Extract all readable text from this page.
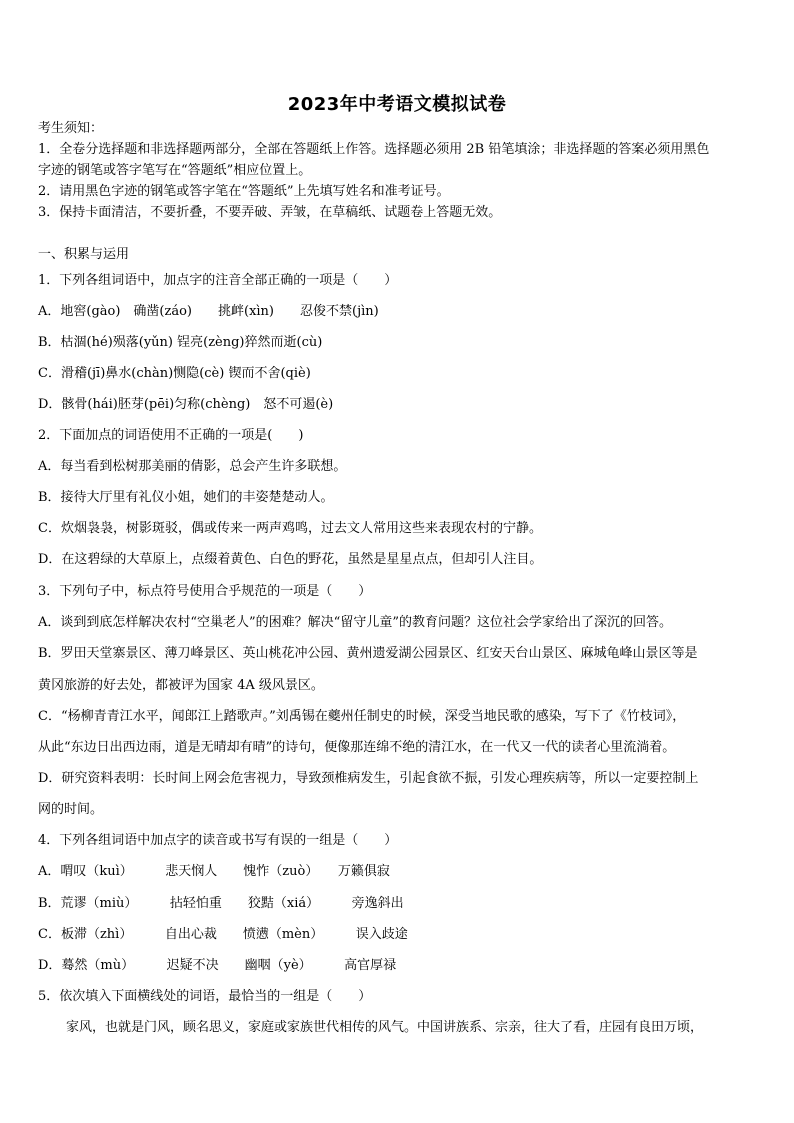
2023年中考语文模拟试卷
考生须知：
1．全卷分选择题和非选择题两部分，全部在答题纸上作答。选择题必须用 2B 铅笔填涂；非选择题的答案必须用黑色
字迹的钢笔或答字笔写在“答题纸”相应位置上。
2．请用黑色字迹的钢笔或答字笔在“答题纸”上先填写姓名和准考证号。
3．保持卡面清洁，不要折叠，不要弄破、弄皱，在草稿纸、试题卷上答题无效。
一、积累与运用
1．下列各组词语中，加点字的注音全部正确的一项是（　　）
A．地窖(gào)　确凿(záo)　　挑衅(xìn)　　忍俊不禁(jìn)
B．枯涸(hé)殒落(yǔn) 锃亮(zèng)猝然而逝(cù)
C．滑稽(jī)鼻水(chàn)恻隐(cè) 锲而不舍(qiè)
D．骸骨(hái)胚芽(pēi)匀称(chèng)　怒不可遏(è)
2．下面加点的词语使用不正确的一项是(　　)
A．每当看到松树那美丽的倩影，总会产生许多联想。
B．接待大厅里有礼仪小姐，她们的丰姿楚楚动人。
C．炊烟袅袅，树影斑驳，偶或传来一两声鸡鸣，过去文人常用这些来表现农村的宁静。
D．在这碧绿的大草原上，点缀着黄色、白色的野花，虽然是星星点点，但却引人注目。
3．下列句子中，标点符号使用合乎规范的一项是（　　）
A．谈到到底怎样解决农村“空巢老人”的困难？解决“留守儿童”的教育问题？这位社会学家给出了深沉的回答。
B．罗田天堂寨景区、薄刀峰景区、英山桃花冲公园、黄州遗爱湖公园景区、红安天台山景区、麻城龟峰山景区等是
黄冈旅游的好去处，都被评为国家 4A 级风景区。
C．“杨柳青青江水平，闻郎江上踏歌声。”刘禹锡在夔州任制史的时候，深受当地民歌的感染，写下了《竹枝词》，
从此“东边日出西边雨，道是无晴却有晴”的诗句，便像那连绵不绝的清江水，在一代又一代的读者心里流淌着。
D．研究资料表明：长时间上网会危害视力，导致颈椎病发生，引起食欲不振，引发心理疾病等，所以一定要控制上
网的时间。
4．下列各组词语中加点字的读音或书写有误的一组是（　　）
A．喟叹（kuì）　　　悲天悯人　　愧怍（zuò）　　万籁俱寂
B．荒谬（miù）　　　拈轻怕重　　狡黠（xiá）　　　旁逸斜出
C．板滞（zhì）　　　自出心裁　　愤懑（mèn）　　　误入歧途
D．蓦然（mù）　　　迟疑不决　　幽咽（yè）　　　高官厚禄
5．依次填入下面横线处的词语，最恰当的一组是（　　）
家风，也就是门风，顾名思义，家庭或家族世代相传的风气。中国讲族系、宗亲，往大了看，庄园有良田万顷，
